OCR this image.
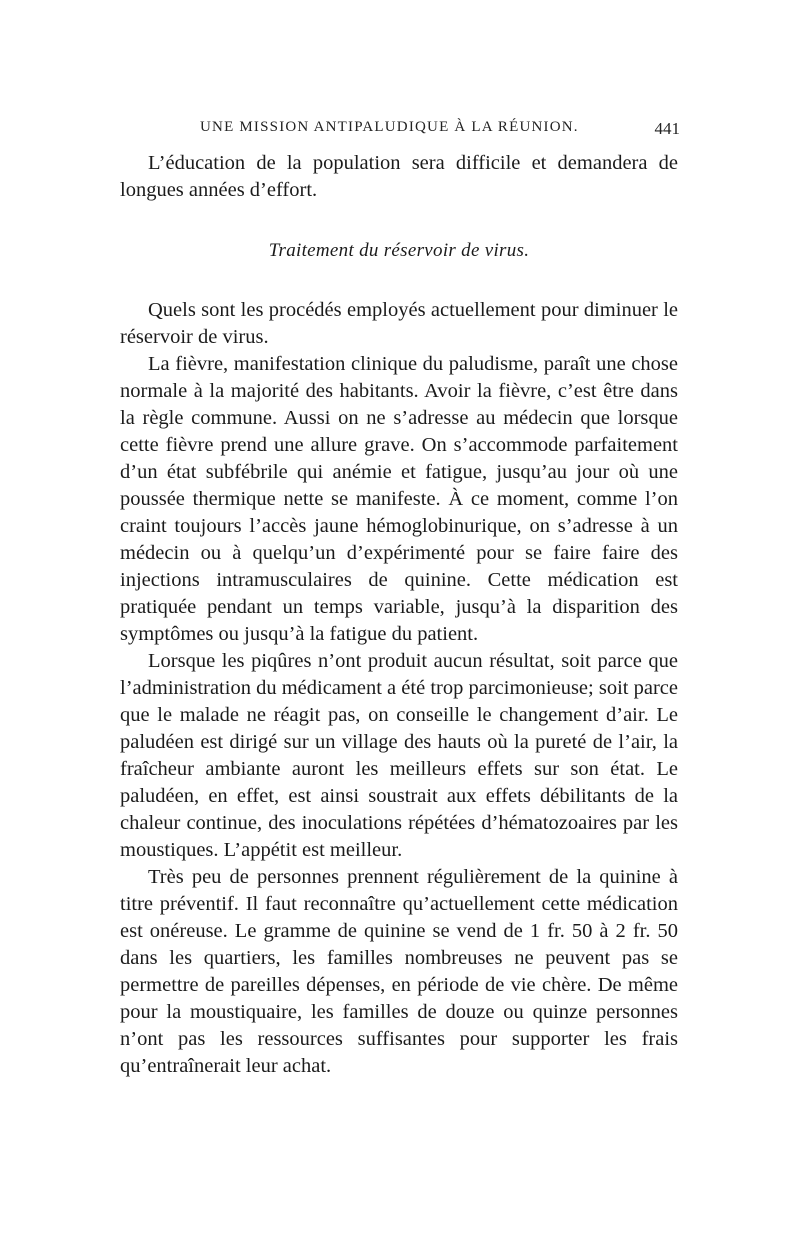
UNE MISSION ANTIPALUDIQUE À LA RÉUNION.	441

L’éducation de la population sera difficile et demandera de longues années d’effort.

Traitement du réservoir de virus.

Quels sont les procédés employés actuellement pour diminuer le réservoir de virus.

La fièvre, manifestation clinique du paludisme, paraît une chose normale à la majorité des habitants. Avoir la fièvre, c’est être dans la règle commune. Aussi on ne s’adresse au médecin que lorsque cette fièvre prend une allure grave. On s’accommode parfaitement d’un état subfébrile qui anémie et fatigue, jusqu’au jour où une poussée thermique nette se manifeste. À ce moment, comme l’on craint toujours l’accès jaune hémoglobinurique, on s’adresse à un médecin ou à quelqu’un d’expérimenté pour se faire faire des injections intramusculaires de quinine. Cette médication est pratiquée pendant un temps variable, jusqu’à la disparition des symptômes ou jusqu’à la fatigue du patient.

Lorsque les piqûres n’ont produit aucun résultat, soit parce que l’administration du médicament a été trop parcimonieuse; soit parce que le malade ne réagit pas, on conseille le changement d’air. Le paludéen est dirigé sur un village des hauts où la pureté de l’air, la fraîcheur ambiante auront les meilleurs effets sur son état. Le paludéen, en effet, est ainsi soustrait aux effets débilitants de la chaleur continue, des inoculations répétées d’hématozoaires par les moustiques. L’appétit est meilleur.

Très peu de personnes prennent régulièrement de la quinine à titre préventif. Il faut reconnaître qu’actuellement cette médication est onéreuse. Le gramme de quinine se vend de 1 fr. 50 à 2 fr. 50 dans les quartiers, les familles nombreuses ne peuvent pas se permettre de pareilles dépenses, en période de vie chère. De même pour la moustiquaire, les familles de douze ou quinze personnes n’ont pas les ressources suffisantes pour supporter les frais qu’entraînerait leur achat.
